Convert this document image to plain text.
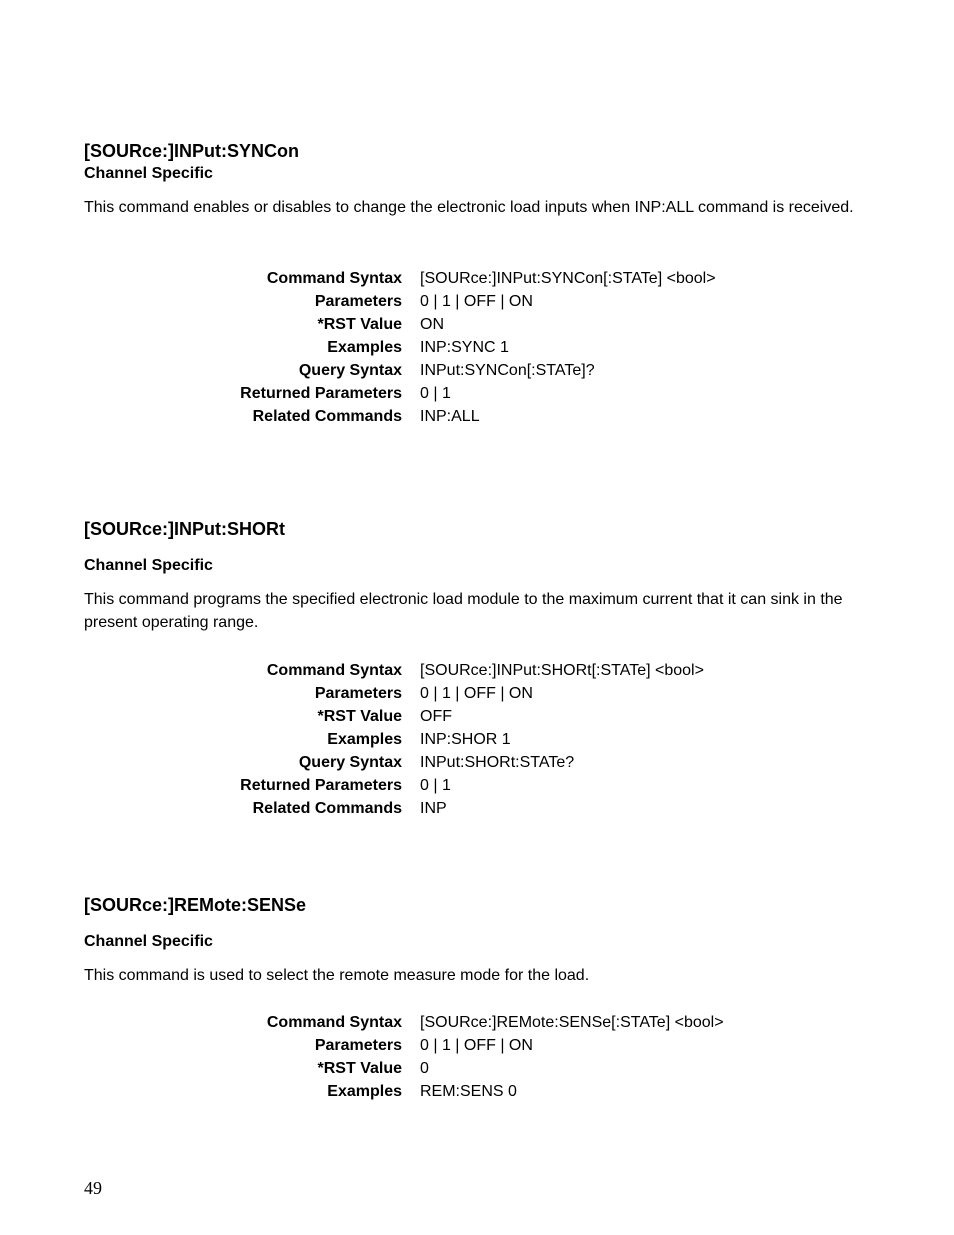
[SOURce:]INPut:SYNCon
Channel Specific

This command enables or disables to change the electronic load inputs when INP:ALL command is received.

Command Syntax [SOURce:]INPut:SYNCon[:STATe] <bool>
Parameters 0 | 1 | OFF | ON
*RST Value ON
Examples INP:SYNC 1
Query Syntax INPut:SYNCon[:STATe]?
Returned Parameters 0 | 1
Related Commands INP:ALL
[SOURce:]INPut:SHORt
Channel Specific

This command programs the specified electronic load module to the maximum current that it can sink in the present operating range.

Command Syntax [SOURce:]INPut:SHORt[:STATe] <bool>
Parameters 0 | 1 | OFF | ON
*RST Value OFF
Examples INP:SHOR 1
Query Syntax INPut:SHORt:STATe?
Returned Parameters 0 | 1
Related Commands INP
[SOURce:]REMote:SENSe
Channel Specific

This command is used to select the remote measure mode for the load.

Command Syntax [SOURce:]REMote:SENSe[:STATe] <bool>
Parameters 0 | 1 | OFF | ON
*RST Value 0
Examples REM:SENS 0
49
